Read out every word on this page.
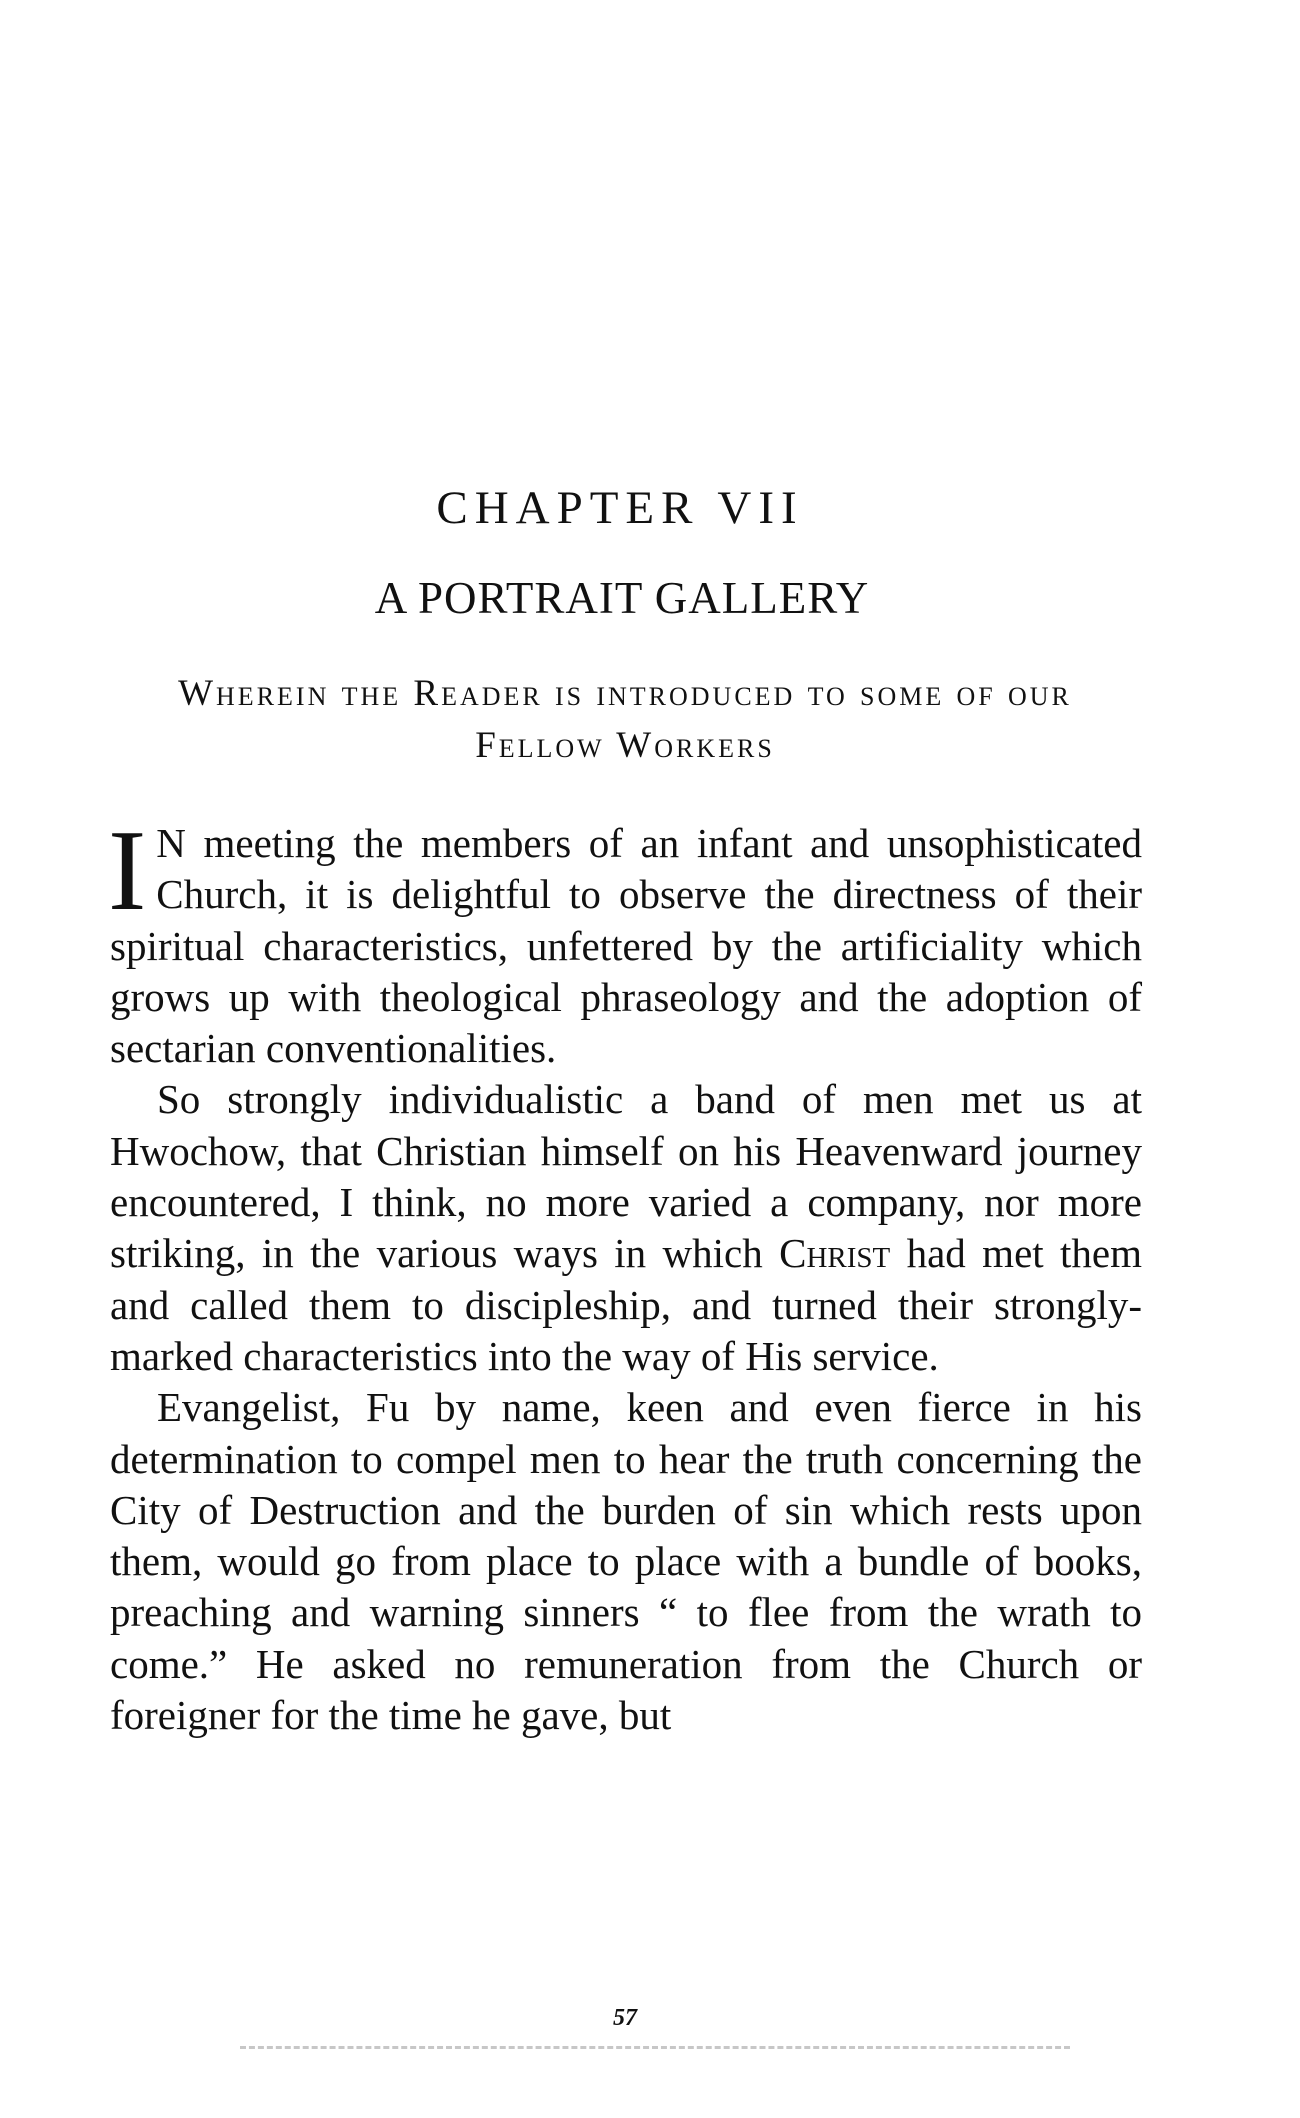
CHAPTER VII
A PORTRAIT GALLERY
Wherein the Reader is introduced to some of our Fellow Workers

I N meeting the members of an infant and unsophisticated Church, it is delightful to observe the directness of their spiritual characteristics, unfettered by the artificiality which grows up with theological phraseology and the adoption of sectarian conventionalities.

So strongly individualistic a band of men met us at Hwochow, that Christian himself on his Heavenward journey encountered, I think, no more varied a company, nor more striking, in the various ways in which Christ had met them and called them to discipleship, and turned their strongly-marked characteristics into the way of His service.

Evangelist, Fu by name, keen and even fierce in his determination to compel men to hear the truth concerning the City of Destruction and the burden of sin which rests upon them, would go from place to place with a bundle of books, preaching and warning sinners “ to flee from the wrath to come.” He asked no remuneration from the Church or foreigner for the time he gave, but

57
